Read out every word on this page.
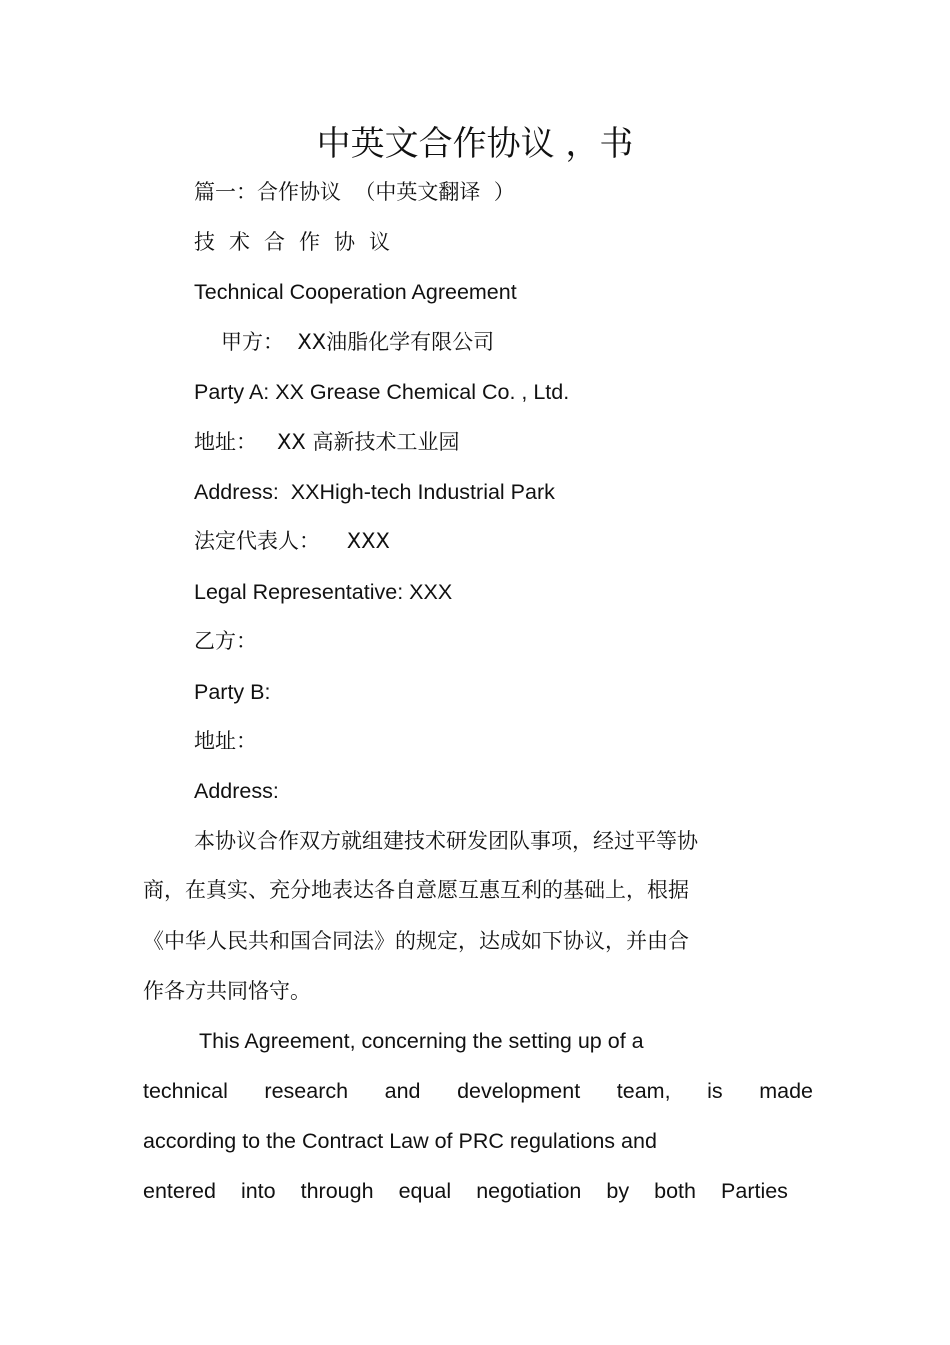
中英文合作协议 ，书
篇一：合作协议  （中英文翻译  ）
技术合作协议
Technical Cooperation Agreement
甲方：  XX油脂化学有限公司
Party A: XX Grease Chemical Co. , Ltd.
地址：   XX 高新技术工业园
Address:  XXHigh-tech Industrial Park
法定代表人：    XXX
Legal Representative: XXX
乙方：
Party B:
地址：
Address:
本协议合作双方就组建技术研发团队事项，经过平等协
商，在真实、充分地表达各自意愿互惠互利的基础上，根据
《中华人民共和国合同法》的规定，达成如下协议，并由合
作各方共同恪守。
This Agreement, concerning the setting up of a
technical research and development team, is made
according to the Contract Law of PRC regulations and
entered into through equal negotiation by both Parties
